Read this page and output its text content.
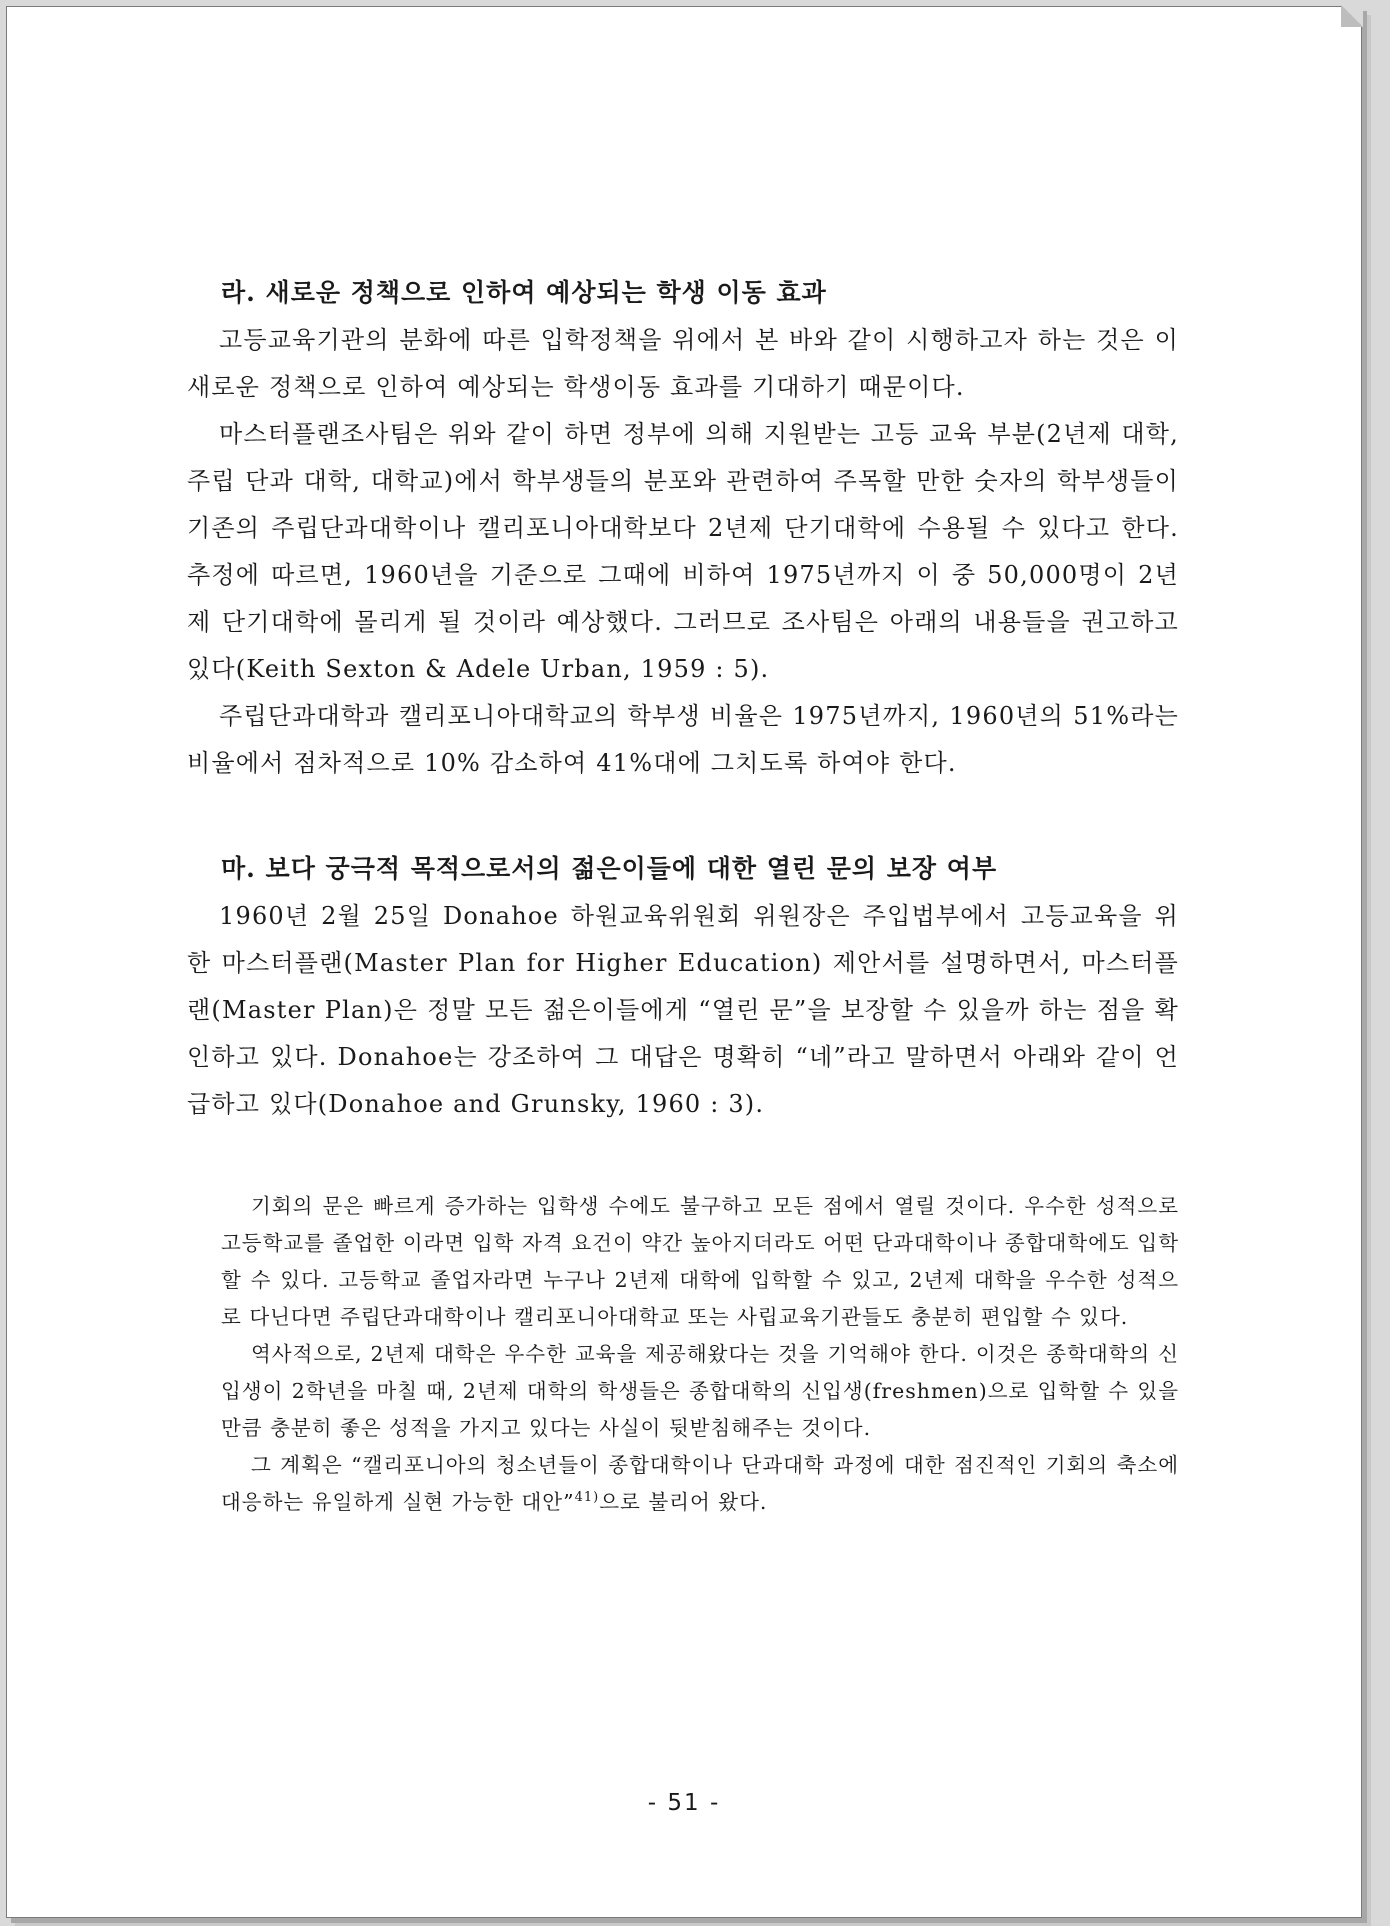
라. 새로운 정책으로 인하여 예상되는 학생 이동 효과

고등교육기관의 분화에 따른 입학정책을 위에서 본 바와 같이 시행하고자 하는 것은 이 새로운 정책으로 인하여 예상되는 학생이동 효과를 기대하기 때문이다.

마스터플랜조사팀은 위와 같이 하면 정부에 의해 지원받는 고등 교육 부분(2년제 대학, 주립 단과 대학, 대학교)에서 학부생들의 분포와 관련하여 주목할 만한 숫자의 학부생들이 기존의 주립단과대학이나 캘리포니아대학보다 2년제 단기대학에 수용될 수 있다고 한다. 추정에 따르면, 1960년을 기준으로 그때에 비하여 1975년까지 이 중 50,000명이 2년제 단기대학에 몰리게 될 것이라 예상했다. 그러므로 조사팀은 아래의 내용들을 권고하고 있다(Keith Sexton & Adele Urban, 1959 : 5).

주립단과대학과 캘리포니아대학교의 학부생 비율은 1975년까지, 1960년의 51%라는 비율에서 점차적으로 10% 감소하여 41%대에 그치도록 하여야 한다.

마. 보다 궁극적 목적으로서의 젊은이들에 대한 열린 문의 보장 여부

1960년 2월 25일 Donahoe 하원교육위원회 위원장은 주입법부에서 고등교육을 위한 마스터플랜(Master Plan for Higher Education) 제안서를 설명하면서, 마스터플랜(Master Plan)은 정말 모든 젊은이들에게 “열린 문”을 보장할 수 있을까 하는 점을 확인하고 있다. Donahoe는 강조하여 그 대답은 명확히 “네”라고 말하면서 아래와 같이 언급하고 있다(Donahoe and Grunsky, 1960 : 3).

기회의 문은 빠르게 증가하는 입학생 수에도 불구하고 모든 점에서 열릴 것이다. 우수한 성적으로 고등학교를 졸업한 이라면 입학 자격 요건이 약간 높아지더라도 어떤 단과대학이나 종합대학에도 입학할 수 있다. 고등학교 졸업자라면 누구나 2년제 대학에 입학할 수 있고, 2년제 대학을 우수한 성적으로 다닌다면 주립단과대학이나 캘리포니아대학교 또는 사립교육기관들도 충분히 편입할 수 있다.

역사적으로, 2년제 대학은 우수한 교육을 제공해왔다는 것을 기억해야 한다. 이것은 종학대학의 신입생이 2학년을 마칠 때, 2년제 대학의 학생들은 종합대학의 신입생(freshmen)으로 입학할 수 있을 만큼 충분히 좋은 성적을 가지고 있다는 사실이 뒷받침해주는 것이다.

그 계획은 “캘리포니아의 청소년들이 종합대학이나 단과대학 과정에 대한 점진적인 기회의 축소에 대응하는 유일하게 실현 가능한 대안”$^{41)}$으로 불리어 왔다.

- 51 -
